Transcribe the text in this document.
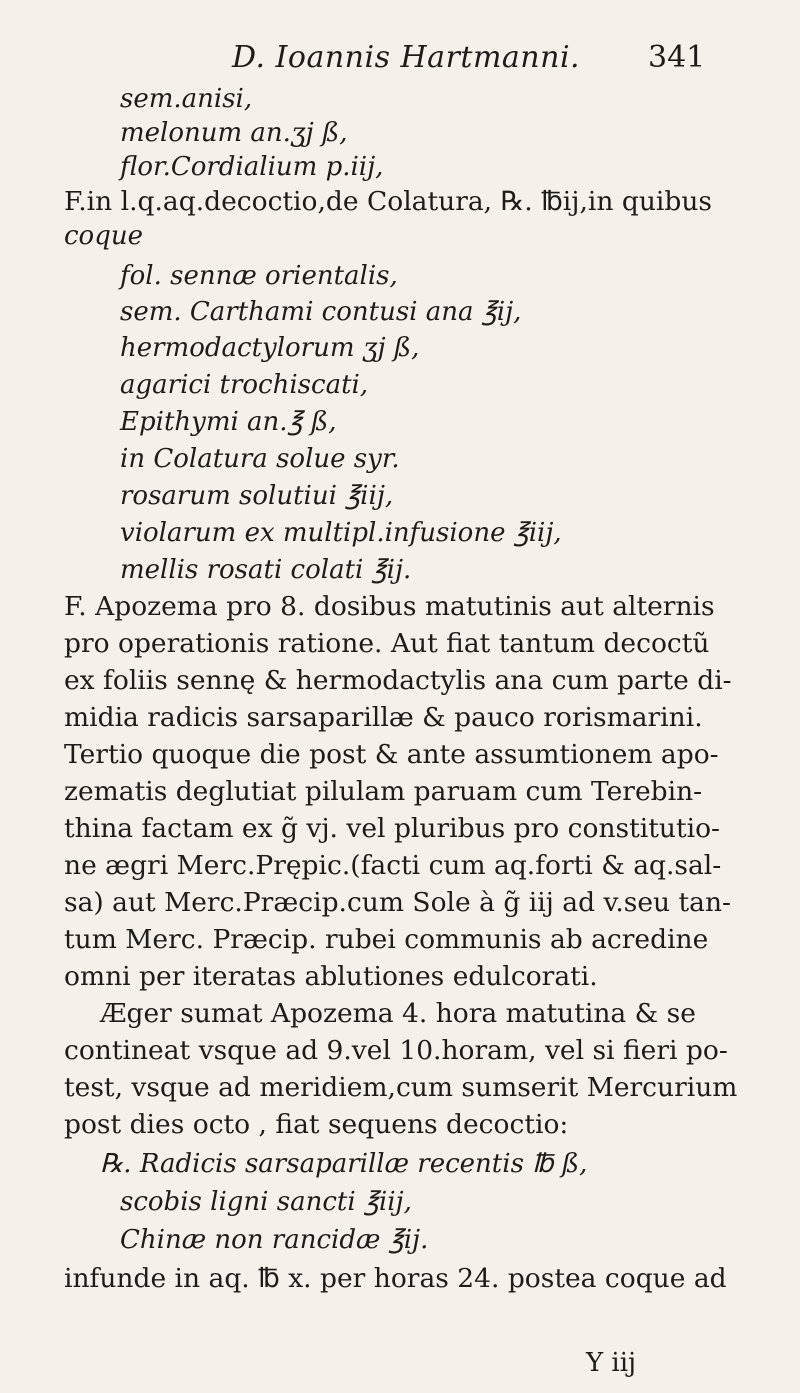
D. Ioannis Hartmanni. 341
sem.anisi,
melonum an.ʒj ß,
flor.Cordialium p.iij,
F.in l.q.aq.decoctio,de Colatura, ℞. ℔ij,in quibus
coque
fol. sennæ orientalis,
sem. Carthami contusi ana ℥ij,
hermodactylorum ʒj ß,
agarici trochiscati,
Epithymi an.℥ ß,
in Colatura solue syr.
rosarum solutiui ℥iij,
violarum ex multipl.infusione ℥iij,
mellis rosati colati ℥ij.
F. Apozema pro 8. dosibus matutinis aut alternis
pro operationis ratione. Aut fiat tantum decoctũ
ex foliis sennę & hermodactylis ana cum parte di-
midia radicis sarsaparillæ & pauco rorismarini.
Tertio quoque die post & ante assumtionem apo-
zematis deglutiat pilulam paruam cum Terebin-
thina factam ex g̃ vj. vel pluribus pro constitutio-
ne ægri Merc.Prępic.(facti cum aq.forti & aq.sal-
sa) aut Merc.Præcip.cum Sole à g̃ iij ad v.seu tan-
tum Merc. Præcip. rubei communis ab acredine
omni per iteratas ablutiones edulcorati.
Æger sumat Apozema 4. hora matutina & se
contineat vsque ad 9.vel 10.horam, vel si fieri po-
test, vsque ad meridiem,cum sumserit Mercurium
post dies octo , fiat sequens decoctio:
℞. Radicis sarsaparillæ recentis ℔ ß,
scobis ligni sancti ℥iij,
Chinæ non rancidæ ℥ij.
infunde in aq. ℔ x. per horas 24. postea coque ad
Y iij
